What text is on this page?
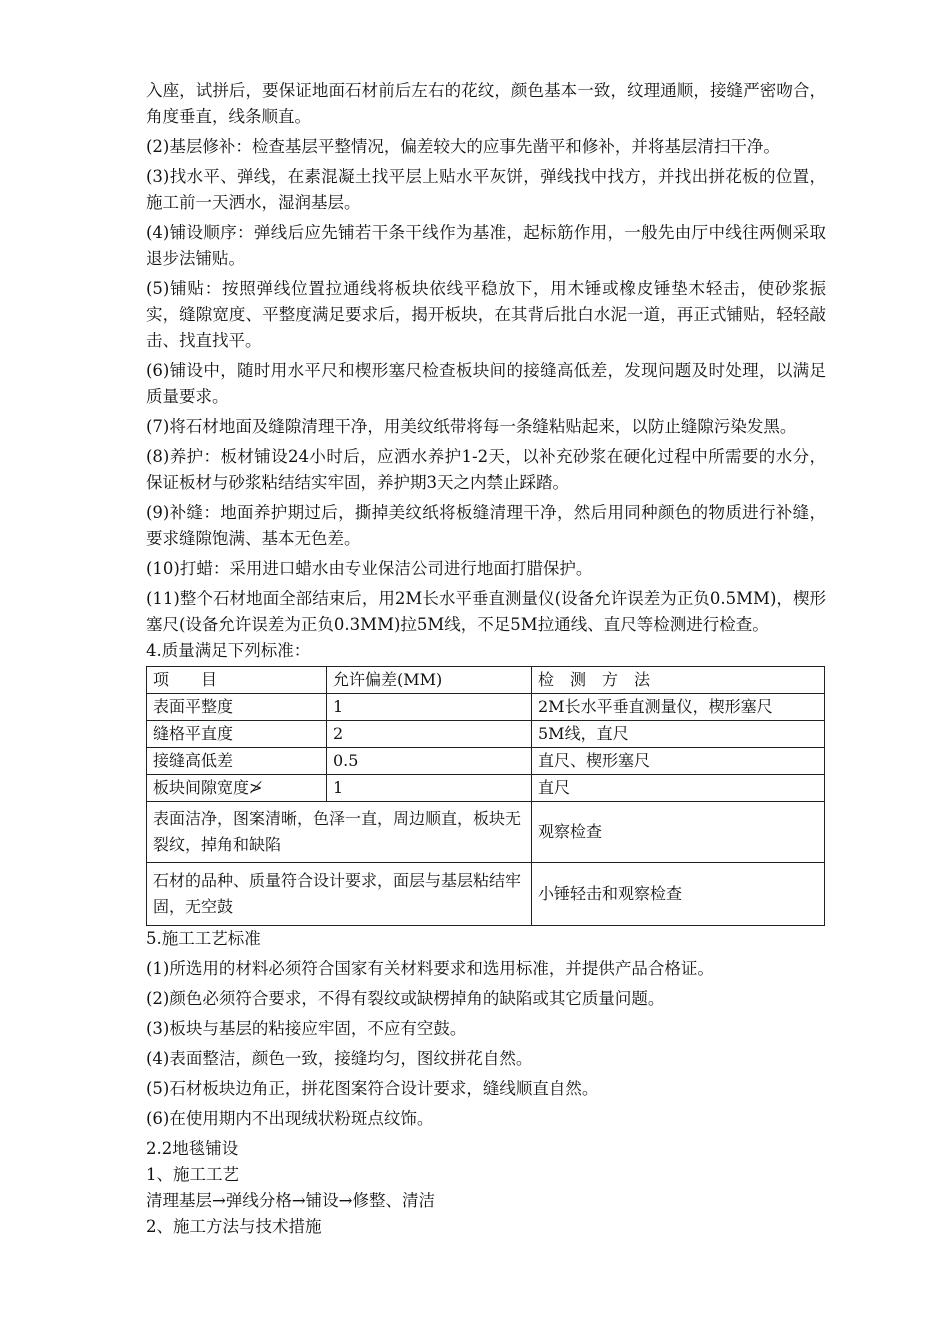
入座，试拼后，要保证地面石材前后左右的花纹，颜色基本一致，纹理通顺，接缝严密吻合，角度垂直，线条顺直。

(2)基层修补：检查基层平整情况，偏差较大的应事先凿平和修补，并将基层清扫干净。

(3)找水平、弹线，在素混凝土找平层上贴水平灰饼，弹线找中找方，并找出拼花板的位置，施工前一天洒水，湿润基层。

(4)铺设顺序：弹线后应先铺若干条干线作为基准，起标筋作用，一般先由厅中线往两侧采取退步法铺贴。

(5)铺贴：按照弹线位置拉通线将板块依线平稳放下，用木锤或橡皮锤垫木轻击，使砂浆振实，缝隙宽度、平整度满足要求后，揭开板块，在其背后批白水泥一道，再正式铺贴，轻轻敲击、找直找平。

(6)铺设中，随时用水平尺和楔形塞尺检查板块间的接缝高低差，发现问题及时处理，以满足质量要求。

(7)将石材地面及缝隙清理干净，用美纹纸带将每一条缝粘贴起来，以防止缝隙污染发黑。

(8)养护：板材铺设24小时后，应洒水养护1-2天，以补充砂浆在硬化过程中所需要的水分，保证板材与砂浆粘结结实牢固，养护期3天之内禁止踩踏。

(9)补缝：地面养护期过后，撕掉美纹纸将板缝清理干净，然后用同种颜色的物质进行补缝，要求缝隙饱满、基本无色差。

(10)打蜡：采用进口蜡水由专业保洁公司进行地面打腊保护。

(11)整个石材地面全部结束后，用2M长水平垂直测量仪(设备允许误差为正负0.5MM)，楔形塞尺(设备允许误差为正负0.3MM)拉5M线，不足5M拉通线、直尺等检测进行检查。

4.质量满足下列标准：

项　　目	允许偏差(MM)	检　测　方　法
表面平整度	1	2M长水平垂直测量仪，楔形塞尺
缝格平直度	2	5M线，直尺
接缝高低差	0.5	直尺、楔形塞尺
板块间隙宽度≯	1	直尺
表面洁净，图案清晰，色泽一直，周边顺直，板块无裂纹，掉角和缺陷		观察检查
石材的品种、质量符合设计要求，面层与基层粘结牢固，无空鼓		小锤轻击和观察检查

5.施工工艺标准

(1)所选用的材料必须符合国家有关材料要求和选用标准，并提供产品合格证。

(2)颜色必须符合要求，不得有裂纹或缺楞掉角的缺陷或其它质量问题。

(3)板块与基层的粘接应牢固，不应有空鼓。

(4)表面整洁，颜色一致，接缝均匀，图纹拼花自然。

(5)石材板块边角正，拼花图案符合设计要求，缝线顺直自然。

(6)在使用期内不出现绒状粉斑点纹饰。

2.2地毯铺设

1、施工工艺

清理基层→弹线分格→铺设→修整、清洁

2、施工方法与技术措施
